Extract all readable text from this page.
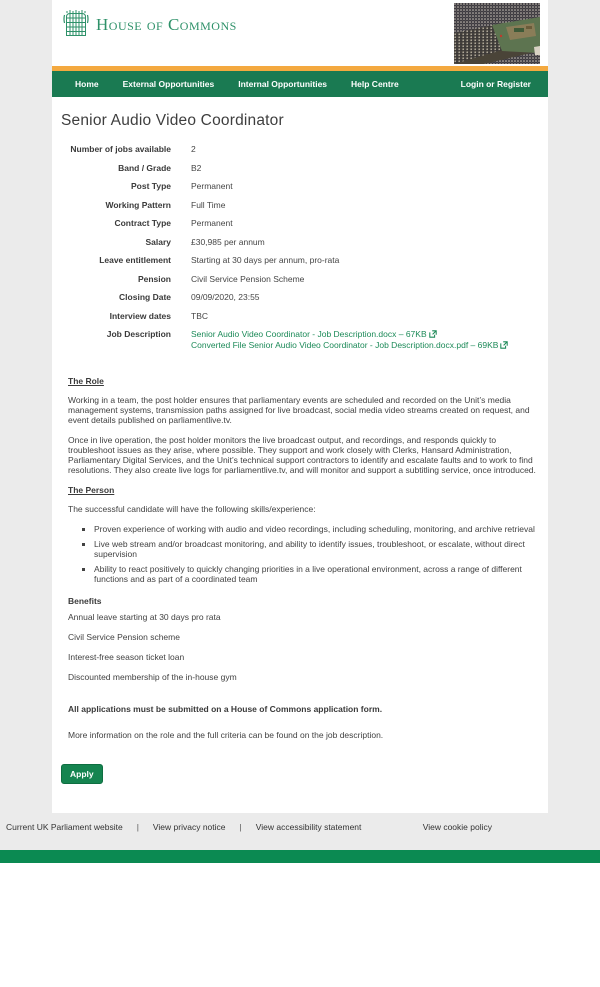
House of Commons
Home	External Opportunities	Internal Opportunities	Help Centre	Login or Register
Senior Audio Video Coordinator
Number of jobs available	2
Band / Grade	B2
Post Type	Permanent
Working Pattern	Full Time
Contract Type	Permanent
Salary	£30,985 per annum
Leave entitlement	Starting at 30 days per annum, pro-rata
Pension	Civil Service Pension Scheme
Closing Date	09/09/2020, 23:55
Interview dates	TBC
Job Description	Senior Audio Video Coordinator - Job Description.docx – 67KB
Converted File Senior Audio Video Coordinator - Job Description.docx.pdf – 69KB
The Role

Working in a team, the post holder ensures that parliamentary events are scheduled and recorded on the Unit’s media management systems, transmission paths assigned for live broadcast, social media video streams created on request, and event details published on parliamentlive.tv.

Once in live operation, the post holder monitors the live broadcast output, and recordings, and responds quickly to troubleshoot issues as they arise, where possible. They support and work closely with Clerks, Hansard Administration, Parliamentary Digital Services, and the Unit’s technical support contractors to identify and escalate faults and to work to find resolutions. They also create live logs for parliamentlive.tv, and will monitor and support a subtitling service, once introduced.

The Person

The successful candidate will have the following skills/experience:

▪ Proven experience of working with audio and video recordings, including scheduling, monitoring, and archive retrieval
▪ Live web stream and/or broadcast monitoring, and ability to identify issues, troubleshoot, or escalate, without direct supervision
▪ Ability to react positively to quickly changing priorities in a live operational environment, across a range of different functions and as part of a coordinated team
Benefits

Annual leave starting at 30 days pro rata

Civil Service Pension scheme

Interest-free season ticket loan

Discounted membership of the in-house gym

All applications must be submitted on a House of Commons application form.

More information on the role and the full criteria can be found on the job description.

Apply
Current UK Parliament website | View privacy notice | View accessibility statement	View cookie policy
